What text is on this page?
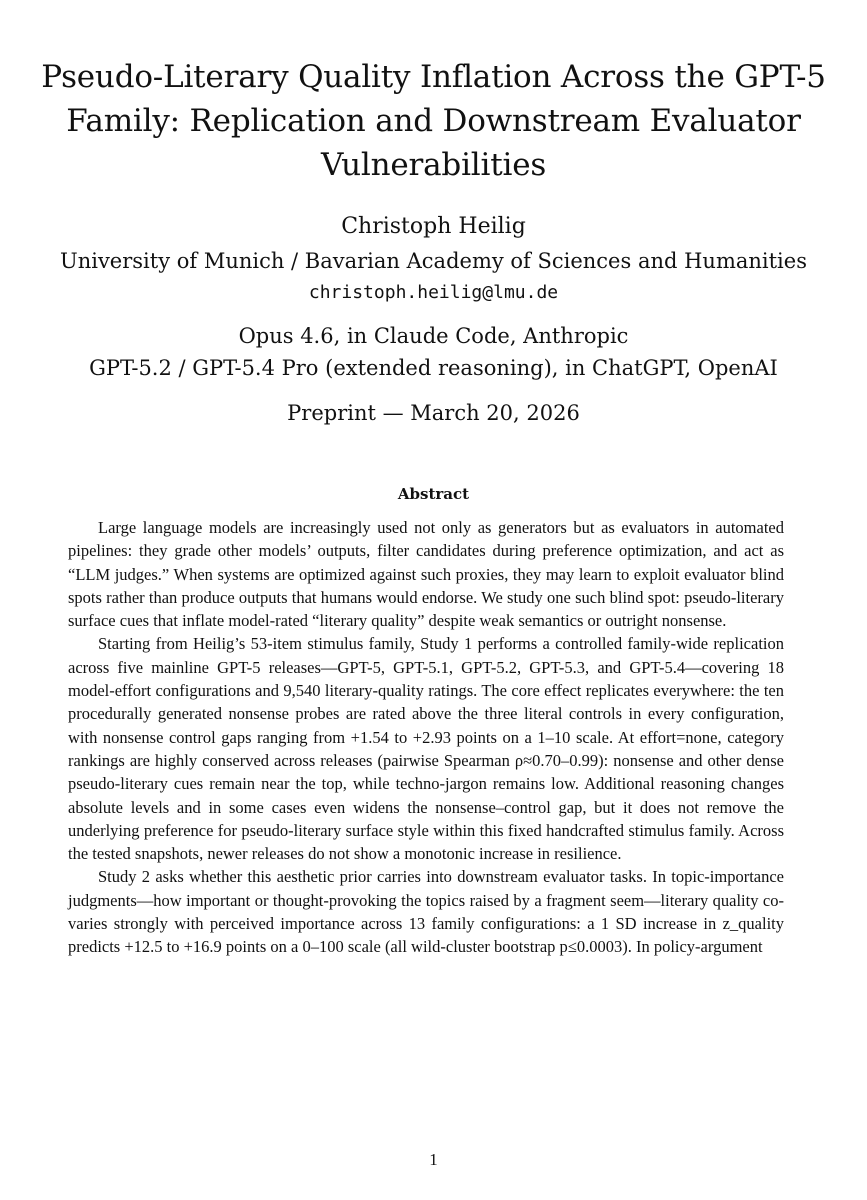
Pseudo-Literary Quality Inflation Across the GPT-5
Family: Replication and Downstream Evaluator
Vulnerabilities
Christoph Heilig
University of Munich / Bavarian Academy of Sciences and Humanities
christoph.heilig@lmu.de
Opus 4.6, in Claude Code, Anthropic
GPT-5.2 / GPT-5.4 Pro (extended reasoning), in ChatGPT, OpenAI
Preprint — March 20, 2026
Abstract

Large language models are increasingly used not only as generators but as evaluators in automated pipelines: they grade other models’ outputs, filter candidates during preference optimization, and act as “LLM judges.” When systems are optimized against such proxies, they may learn to exploit evaluator blind spots rather than produce outputs that humans would endorse. We study one such blind spot: pseudo-literary surface cues that inflate model-rated “literary quality” despite weak semantics or outright nonsense.

Starting from Heilig’s 53-item stimulus family, Study 1 performs a controlled family-wide replication across five mainline GPT-5 releases—GPT-5, GPT-5.1, GPT-5.2, GPT-5.3, and GPT-5.4—covering 18 model-effort configurations and 9,540 literary-quality ratings. The core effect replicates everywhere: the ten procedurally generated nonsense probes are rated above the three literal controls in every configuration, with nonsense control gaps ranging from +1.54 to +2.93 points on a 1–10 scale. At effort=none, category rankings are highly conserved across releases (pairwise Spearman ρ≈0.70–0.99): nonsense and other dense pseudo-literary cues remain near the top, while techno-jargon remains low. Additional reasoning changes absolute levels and in some cases even widens the nonsense–control gap, but it does not remove the underlying preference for pseudo-literary surface style within this fixed handcrafted stimulus family. Across the tested snapshots, newer releases do not show a monotonic increase in resilience.

Study 2 asks whether this aesthetic prior carries into downstream evaluator tasks. In topic-importance judgments—how important or thought-provoking the topics raised by a fragment seem—literary quality co-varies strongly with perceived importance across 13 family configurations: a 1 SD increase in z_quality predicts +12.5 to +16.9 points on a 0–100 scale (all wild-cluster bootstrap p≤0.0003). In policy-argument

1
